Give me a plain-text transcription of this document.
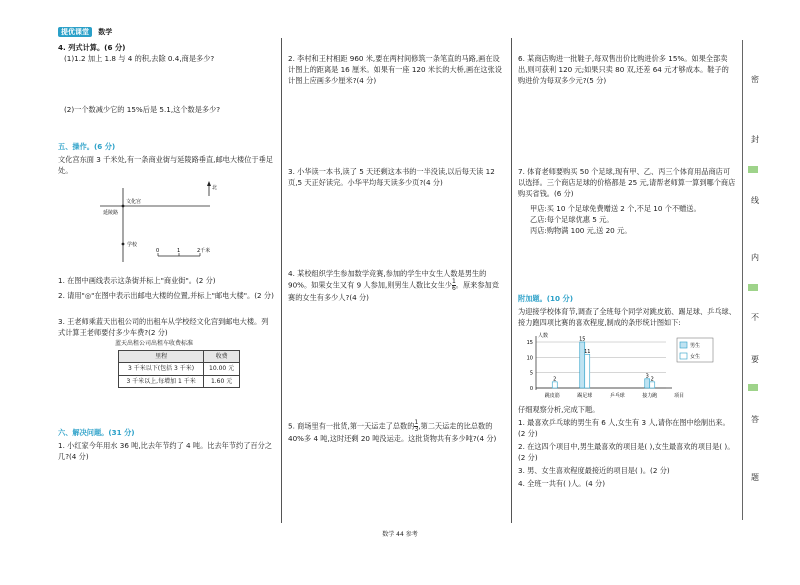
提优课堂 数学
4. 列式计算。(6 分)
(1)1.2 加上 1.8 与 4 的积,去除 0.4,商是多少?
(2)一个数减少它的 15%后是 5.1,这个数是多少?
五、操作。(6 分)
文化宫东面 3 千米处,有一条商业街与延陵路垂直,邮电大楼位于垂足处。
文化宫
延陵路
学校
北
0	1	2千米
1. 在图中画线表示这条街并标上"商业街"。(2 分)
2. 请用"◎"在图中表示出邮电大楼的位置,并标上"邮电大楼"。(2 分)
3. 王老师乘蓝天出租公司的出租车从学校经文化宫到邮电大楼。列式计算王老师要付多少车费?(2 分)
蓝天出租公司出租车收费标准
里程	收费
3 千米以下(包括 3 千米)	10.00 元
3 千米以上,每增加 1 千米	1.60 元
六、解决问题。(31 分)
1. 小红家今年用水 36 吨,比去年节约了 4 吨。比去年节约了百分之几?(4 分)
2. 李村和王村相距 960 米,要在两村间修筑一条笔直的马路,画在设计图上的距离是 16 厘米。如果有一座 120 米长的大桥,画在这张设计图上应画多少厘米?(4 分)
3. 小华读一本书,读了 5 天还剩这本书的一半没读,以后每天读 12 页,5 天正好读完。小华平均每天读多少页?(4 分)
4. 某校组织学生参加数学竞赛,参加的学生中女生人数是男生的 90%。如果女生又有 9 人参加,则男生人数比女生少 $\frac{1}{6}$ 。原来参加竞赛的女生有多少人?(4 分)
5. 商场里有一批货,第一天运走了总数的 $\frac{1}{3}$ ,第二天运走的比总数的 40%多 4 吨,这时还剩 20 吨没运走。这批货物共有多少吨?(4 分)
6. 某商店购进一批鞋子,每双售出价比购进价多 15%。如果全部卖出,则可获利 120 元;如果只卖 80 双,还差 64 元才够成本。鞋子的购进价为每双多少元?(5 分)
7. 体育老师要购买 50 个足球,现有甲、乙、丙三个体育用品商店可以选择。三个商店足球的价格都是 25 元,请帮老师算一算到哪个商店购买省钱。(6 分)
甲店:买 10 个足球免费赠送 2 个,不足 10 个不赠送。
乙店:每个足球优惠 5 元。
丙店:购物满 100 元,送 20 元。
附加题。(10 分)
为迎接学校体育节,调查了全班每个同学对跳皮筋、踢足球、乒乓球、接力跑四项比赛的喜欢程度,制成的条形统计图如下:
0
5
10
15
人数
项目
2
跳皮筋
15
11
踢足球	乒乓球
3
2
接力跑
男生
女生
仔细观察分析,完成下题。
1. 最喜欢乒乓球的男生有 6 人,女生有 3 人,请你在图中绘制出来。(2 分)
2. 在这四个项目中,男生最喜欢的项目是( ),女生最喜欢的项目是( )。(2 分)
3. 男、女生喜欢程度最接近的项目是( )。(2 分)
4. 全班一共有( )人。(4 分)
密
封
线
内
不
要
答
题
数学 44 参考
